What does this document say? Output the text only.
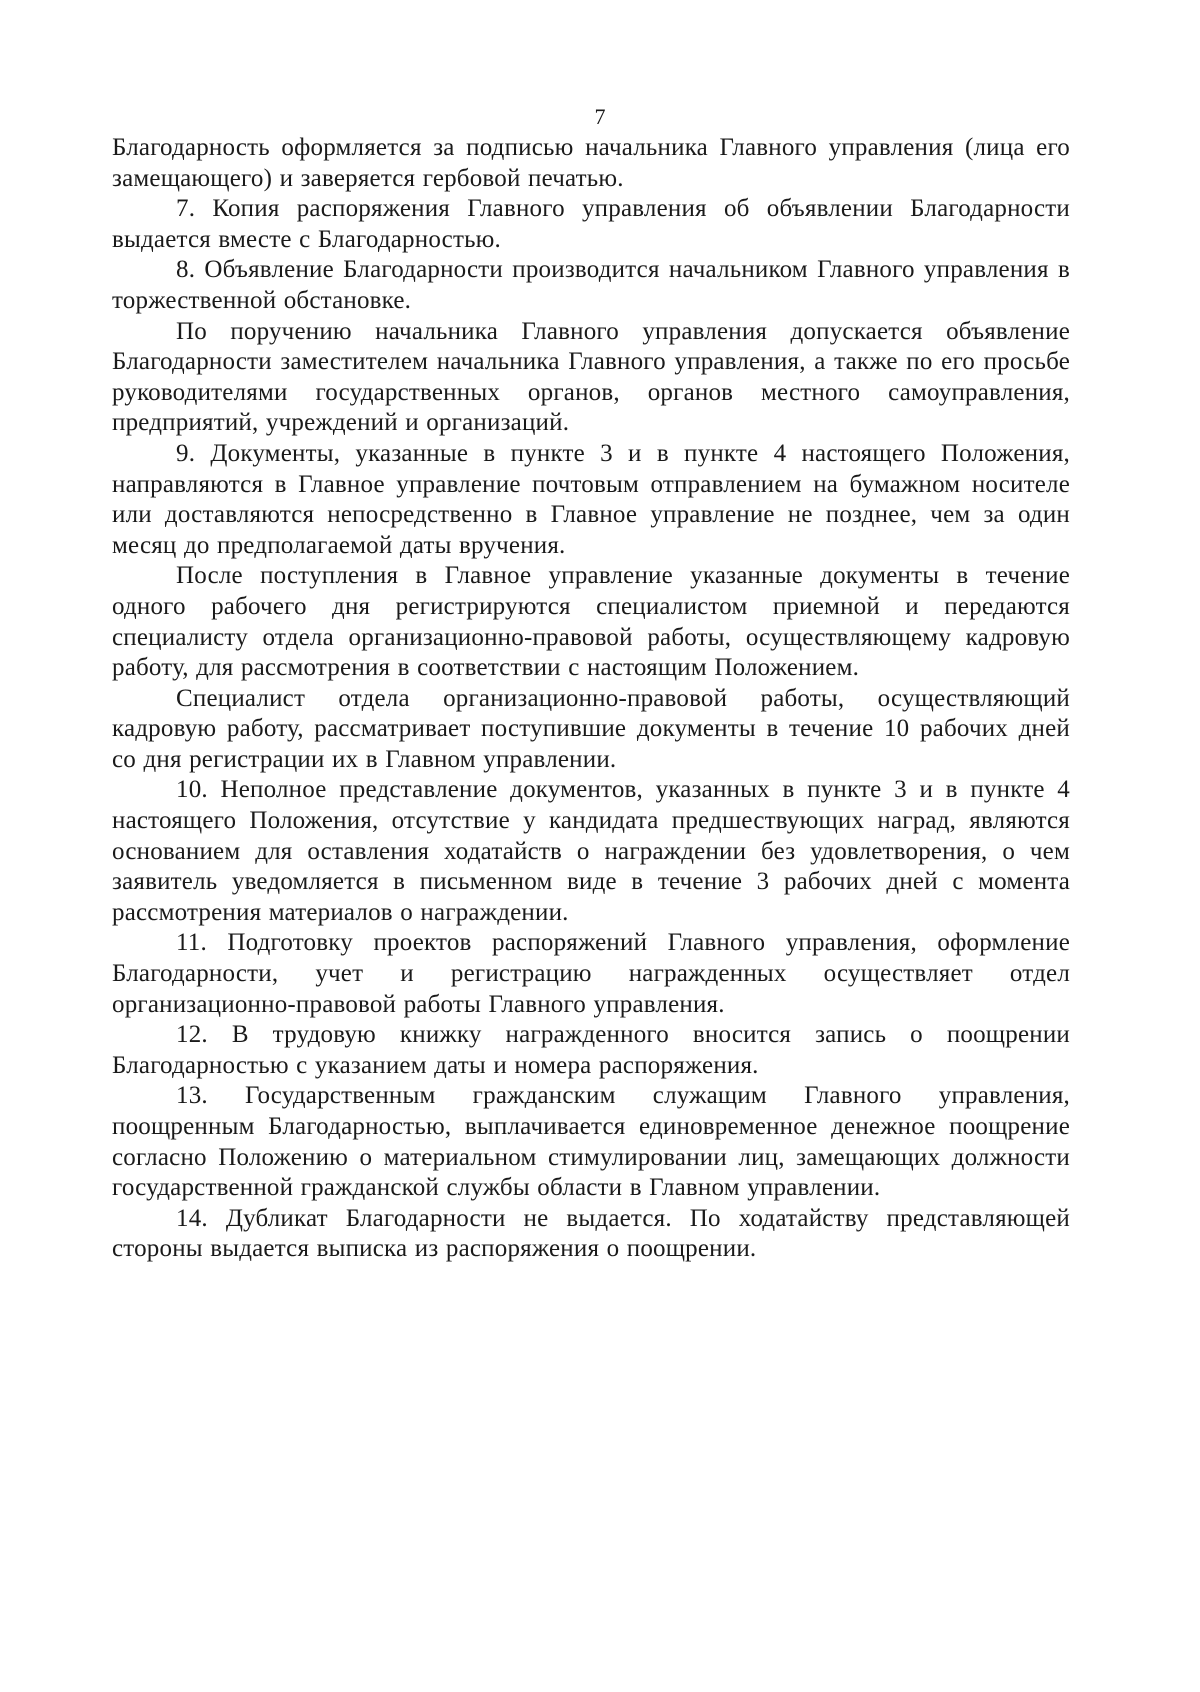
7

Благодарность оформляется за подписью начальника Главного управления (лица его замещающего) и заверяется гербовой печатью.

7. Копия распоряжения Главного управления об объявлении Благодарности выдается вместе с Благодарностью.

8. Объявление Благодарности производится начальником Главного управления в торжественной обстановке.

По поручению начальника Главного управления допускается объявление Благодарности заместителем начальника Главного управления, а также по его просьбе руководителями государственных органов, органов местного самоуправления, предприятий, учреждений и организаций.

9. Документы, указанные в пункте 3 и в пункте 4 настоящего Положения, направляются в Главное управление почтовым отправлением на бумажном носителе или доставляются непосредственно в Главное управление не позднее, чем за один месяц до предполагаемой даты вручения.

После поступления в Главное управление указанные документы в течение одного рабочего дня регистрируются специалистом приемной и передаются специалисту отдела организационно-правовой работы, осуществляющему кадровую работу, для рассмотрения в соответствии с настоящим Положением.

Специалист отдела организационно-правовой работы, осуществляющий кадровую работу, рассматривает поступившие документы в течение 10 рабочих дней со дня регистрации их в Главном управлении.

10. Неполное представление документов, указанных в пункте 3 и в пункте 4 настоящего Положения, отсутствие у кандидата предшествующих наград, являются основанием для оставления ходатайств о награждении без удовлетворения, о чем заявитель уведомляется в письменном виде в течение 3 рабочих дней с момента рассмотрения материалов о награждении.

11. Подготовку проектов распоряжений Главного управления, оформление Благодарности, учет и регистрацию награжденных осуществляет отдел организационно-правовой работы Главного управления.

12. В трудовую книжку награжденного вносится запись о поощрении Благодарностью с указанием даты и номера распоряжения.

13. Государственным гражданским служащим Главного управления, поощренным Благодарностью, выплачивается единовременное денежное поощрение согласно Положению о материальном стимулировании лиц, замещающих должности государственной гражданской службы области в Главном управлении.

14. Дубликат Благодарности не выдается. По ходатайству представляющей стороны выдается выписка из распоряжения о поощрении.
